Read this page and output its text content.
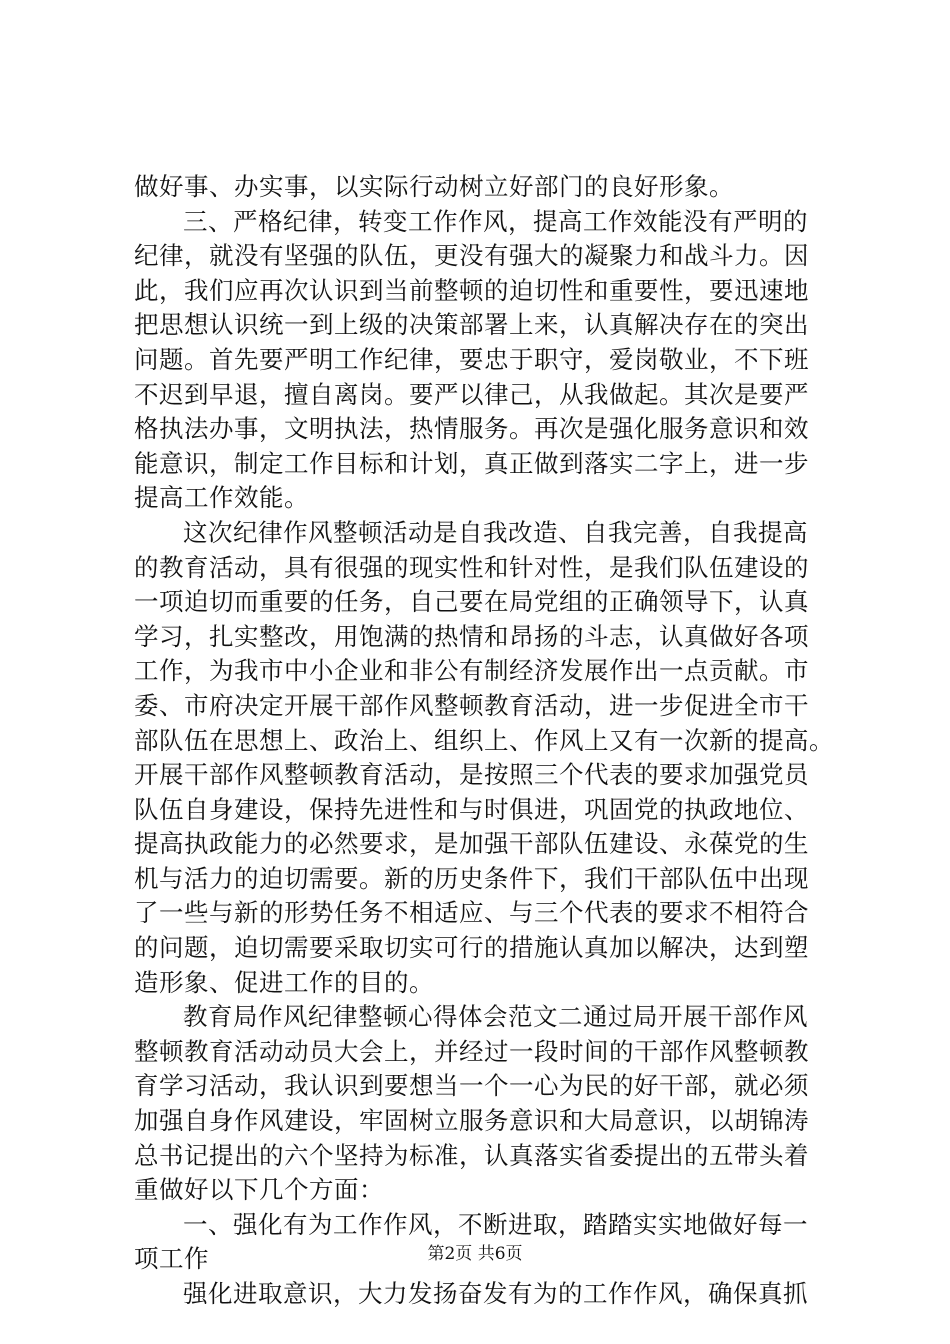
做好事、办实事，以实际行动树立好部门的良好形象。
三、严格纪律，转变工作作风，提高工作效能没有严明的
纪律，就没有坚强的队伍，更没有强大的凝聚力和战斗力。因
此，我们应再次认识到当前整顿的迫切性和重要性，要迅速地
把思想认识统一到上级的决策部署上来，认真解决存在的突出
问题。首先要严明工作纪律，要忠于职守，爱岗敬业，不下班
不迟到早退，擅自离岗。要严以律己，从我做起。其次是要严
格执法办事，文明执法，热情服务。再次是强化服务意识和效
能意识，制定工作目标和计划，真正做到落实二字上，进一步
提高工作效能。
这次纪律作风整顿活动是自我改造、自我完善，自我提高
的教育活动，具有很强的现实性和针对性，是我们队伍建设的
一项迫切而重要的任务，自己要在局党组的正确领导下，认真
学习，扎实整改，用饱满的热情和昂扬的斗志，认真做好各项
工作，为我市中小企业和非公有制经济发展作出一点贡献。市
委、市府决定开展干部作风整顿教育活动，进一步促进全市干
部队伍在思想上、政治上、组织上、作风上又有一次新的提高。
开展干部作风整顿教育活动，是按照三个代表的要求加强党员
队伍自身建设，保持先进性和与时俱进，巩固党的执政地位、
提高执政能力的必然要求，是加强干部队伍建设、永葆党的生
机与活力的迫切需要。新的历史条件下，我们干部队伍中出现
了一些与新的形势任务不相适应、与三个代表的要求不相符合
的问题，迫切需要采取切实可行的措施认真加以解决，达到塑
造形象、促进工作的目的。
教育局作风纪律整顿心得体会范文二通过局开展干部作风
整顿教育活动动员大会上，并经过一段时间的干部作风整顿教
育学习活动，我认识到要想当一个一心为民的好干部，就必须
加强自身作风建设，牢固树立服务意识和大局意识，以胡锦涛
总书记提出的六个坚持为标准，认真落实省委提出的五带头着
重做好以下几个方面：
一、强化有为工作作风，不断进取，踏踏实实地做好每一
项工作
强化进取意识，大力发扬奋发有为的工作作风，确保真抓
第2页 共6页
